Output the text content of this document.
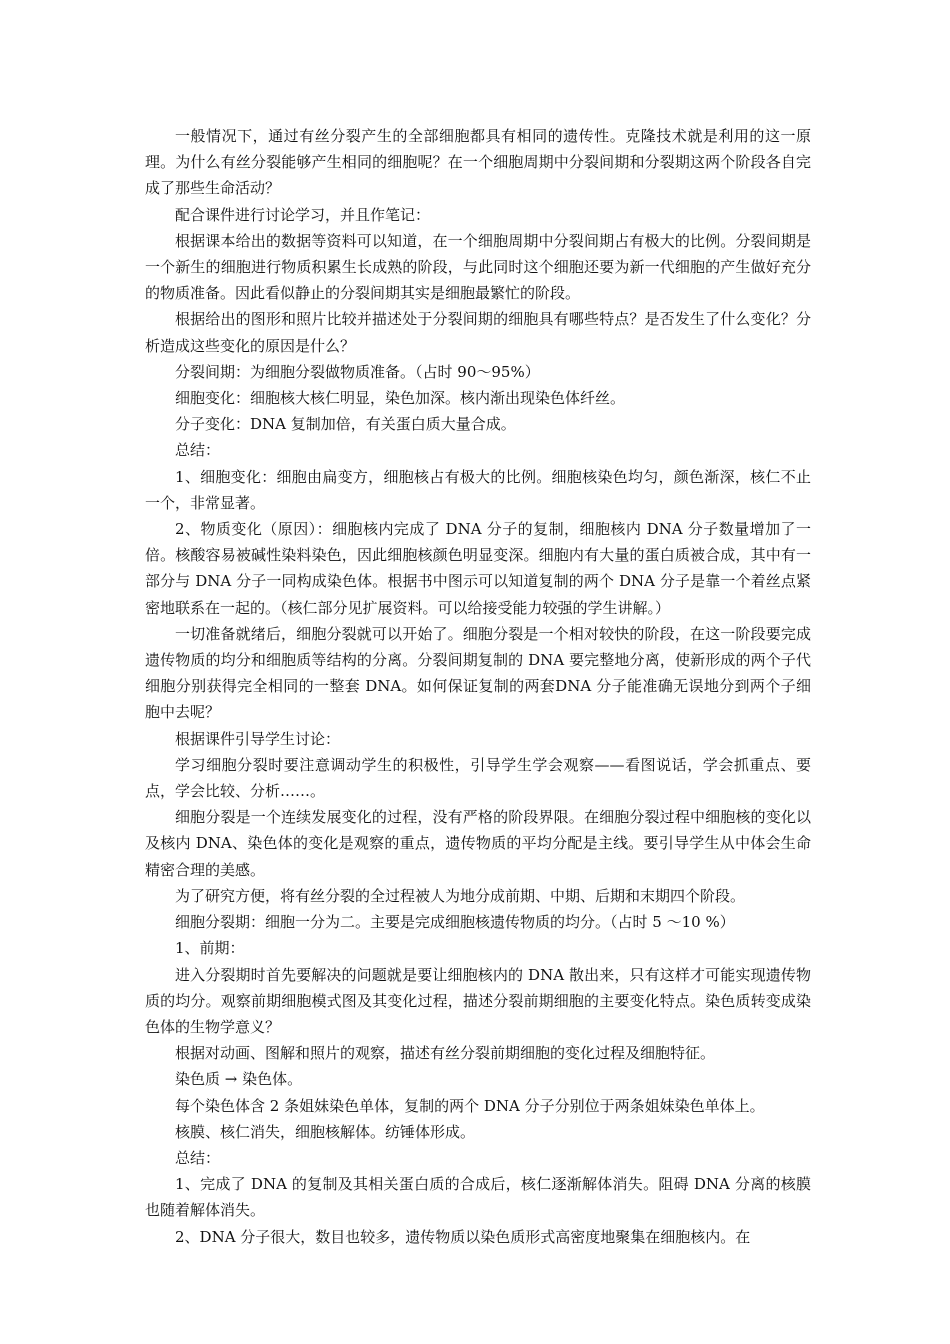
一般情况下，通过有丝分裂产生的全部细胞都具有相同的遗传性。克隆技术就是利用的这一原理。为什么有丝分裂能够产生相同的细胞呢？在一个细胞周期中分裂间期和分裂期这两个阶段各自完成了那些生命活动？

配合课件进行讨论学习，并且作笔记：

根据课本给出的数据等资料可以知道，在一个细胞周期中分裂间期占有极大的比例。分裂间期是一个新生的细胞进行物质积累生长成熟的阶段，与此同时这个细胞还要为新一代细胞的产生做好充分的物质准备。因此看似静止的分裂间期其实是细胞最繁忙的阶段。

根据给出的图形和照片比较并描述处于分裂间期的细胞具有哪些特点？是否发生了什么变化？分析造成这些变化的原因是什么？

分裂间期：为细胞分裂做物质准备。（占时 90～95%）

细胞变化：细胞核大核仁明显，染色加深。核内渐出现染色体纤丝。

分子变化：DNA 复制加倍，有关蛋白质大量合成。

总结：

1、细胞变化：细胞由扁变方，细胞核占有极大的比例。细胞核染色均匀，颜色渐深，核仁不止一个，非常显著。

2、物质变化（原因）：细胞核内完成了 DNA 分子的复制，细胞核内 DNA 分子数量增加了一倍。核酸容易被碱性染料染色，因此细胞核颜色明显变深。细胞内有大量的蛋白质被合成，其中有一部分与 DNA 分子一同构成染色体。根据书中图示可以知道复制的两个 DNA 分子是靠一个着丝点紧密地联系在一起的。（核仁部分见扩展资料。可以给接受能力较强的学生讲解。）

一切准备就绪后，细胞分裂就可以开始了。细胞分裂是一个相对较快的阶段，在这一阶段要完成遗传物质的均分和细胞质等结构的分离。分裂间期复制的 DNA 要完整地分离，使新形成的两个子代细胞分别获得完全相同的一整套 DNA。如何保证复制的两套DNA 分子能准确无误地分到两个子细胞中去呢？

根据课件引导学生讨论：

学习细胞分裂时要注意调动学生的积极性，引导学生学会观察——看图说话，学会抓重点、要点，学会比较、分析……。

细胞分裂是一个连续发展变化的过程，没有严格的阶段界限。在细胞分裂过程中细胞核的变化以及核内 DNA、染色体的变化是观察的重点，遗传物质的平均分配是主线。要引导学生从中体会生命精密合理的美感。

为了研究方便，将有丝分裂的全过程被人为地分成前期、中期、后期和末期四个阶段。

细胞分裂期：细胞一分为二。主要是完成细胞核遗传物质的均分。（占时 5 ～10 %）

1、前期：

进入分裂期时首先要解决的问题就是要让细胞核内的 DNA 散出来，只有这样才可能实现遗传物质的均分。观察前期细胞模式图及其变化过程，描述分裂前期细胞的主要变化特点。染色质转变成染色体的生物学意义？

根据对动画、图解和照片的观察，描述有丝分裂前期细胞的变化过程及细胞特征。

染色质 → 染色体。

每个染色体含 2 条姐妹染色单体，复制的两个 DNA 分子分别位于两条姐妹染色单体上。

核膜、核仁消失，细胞核解体。纺锤体形成。

总结：

1、完成了 DNA 的复制及其相关蛋白质的合成后，核仁逐渐解体消失。阻碍 DNA 分离的核膜也随着解体消失。

2、DNA 分子很大，数目也较多，遗传物质以染色质形式高密度地聚集在细胞核内。在
